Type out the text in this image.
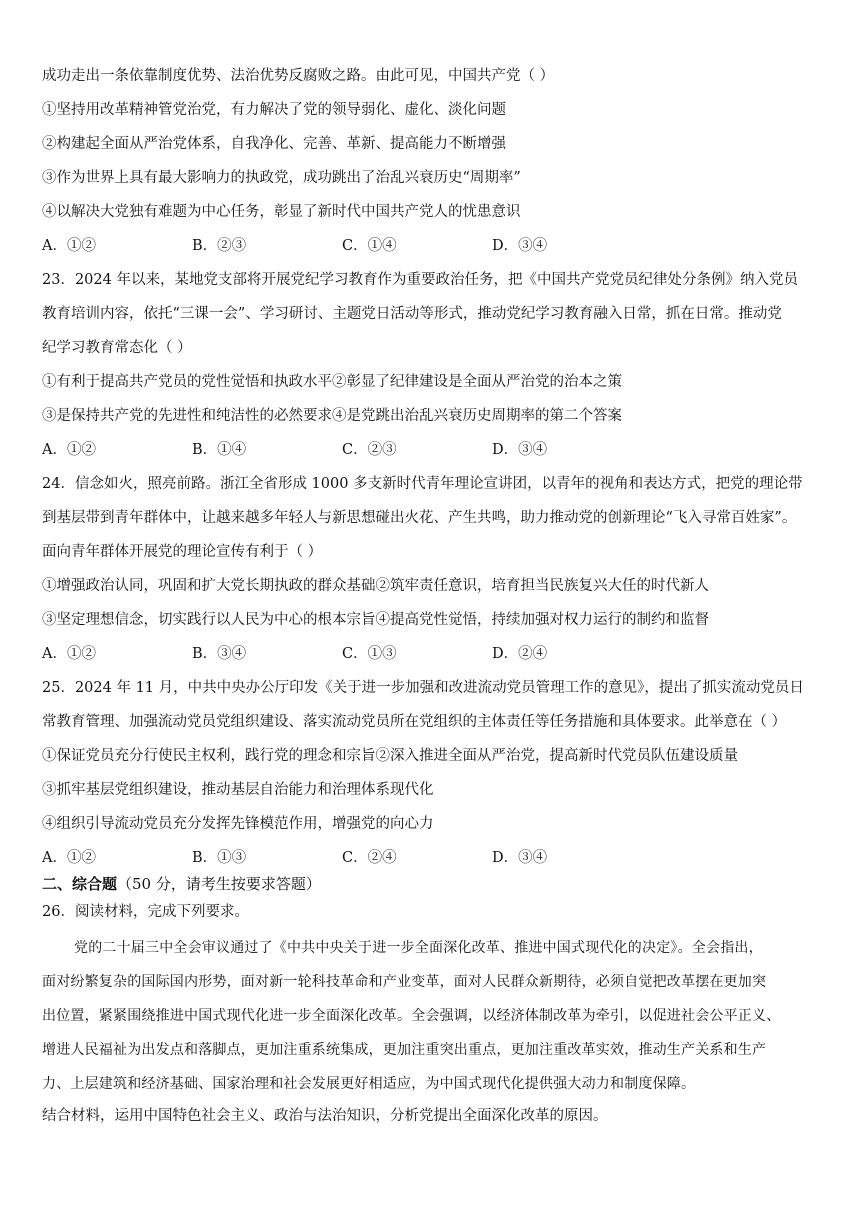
成功走出一条依靠制度优势、法治优势反腐败之路。由此可见，中国共产党（ ）
①坚持用改革精神管党治党，有力解决了党的领导弱化、虚化、淡化问题
②构建起全面从严治党体系，自我净化、完善、革新、提高能力不断增强
③作为世界上具有最大影响力的执政党，成功跳出了治乱兴衰历史“周期率”
④以解决大党独有难题为中心任务，彰显了新时代中国共产党人的忧患意识
A．①②	B．②③	C．①④	D．③④
23．2024 年以来，某地党支部将开展党纪学习教育作为重要政治任务，把《中国共产党党员纪律处分条例》纳入党员
教育培训内容，依托“三课一会”、学习研讨、主题党日活动等形式，推动党纪学习教育融入日常，抓在日常。推动党
纪学习教育常态化（ ）
①有利于提高共产党员的党性觉悟和执政水平②彰显了纪律建设是全面从严治党的治本之策
③是保持共产党的先进性和纯洁性的必然要求④是党跳出治乱兴衰历史周期率的第二个答案
A．①②	B．①④	C．②③	D．③④
24．信念如火，照亮前路。浙江全省形成 1000 多支新时代青年理论宣讲团，以青年的视角和表达方式，把党的理论带
到基层带到青年群体中，让越来越多年轻人与新思想碰出火花、产生共鸣，助力推动党的创新理论“飞入寻常百姓家”。
面向青年群体开展党的理论宣传有利于（ ）
①增强政治认同，巩固和扩大党长期执政的群众基础②筑牢责任意识，培育担当民族复兴大任的时代新人
③坚定理想信念，切实践行以人民为中心的根本宗旨④提高党性觉悟，持续加强对权力运行的制约和监督
A．①②	B．③④	C．①③	D．②④
25．2024 年 11 月，中共中央办公厅印发《关于进一步加强和改进流动党员管理工作的意见》，提出了抓实流动党员日
常教育管理、加强流动党员党组织建设、落实流动党员所在党组织的主体责任等任务措施和具体要求。此举意在（ ）
①保证党员充分行使民主权利，践行党的理念和宗旨②深入推进全面从严治党，提高新时代党员队伍建设质量
③抓牢基层党组织建设，推动基层自治能力和治理体系现代化
④组织引导流动党员充分发挥先锋模范作用，增强党的向心力
A．①②	B．①③	C．②④	D．③④
二、综合题（50 分，请考生按要求答题）
26．阅读材料，完成下列要求。
党的二十届三中全会审议通过了《中共中央关于进一步全面深化改革、推进中国式现代化的决定》。全会指出，
面对纷繁复杂的国际国内形势，面对新一轮科技革命和产业变革，面对人民群众新期待，必须自觉把改革摆在更加突
出位置，紧紧围绕推进中国式现代化进一步全面深化改革。全会强调，以经济体制改革为牵引，以促进社会公平正义、
增进人民福祉为出发点和落脚点，更加注重系统集成，更加注重突出重点，更加注重改革实效，推动生产关系和生产
力、上层建筑和经济基础、国家治理和社会发展更好相适应，为中国式现代化提供强大动力和制度保障。
结合材料，运用中国特色社会主义、政治与法治知识，分析党提出全面深化改革的原因。
